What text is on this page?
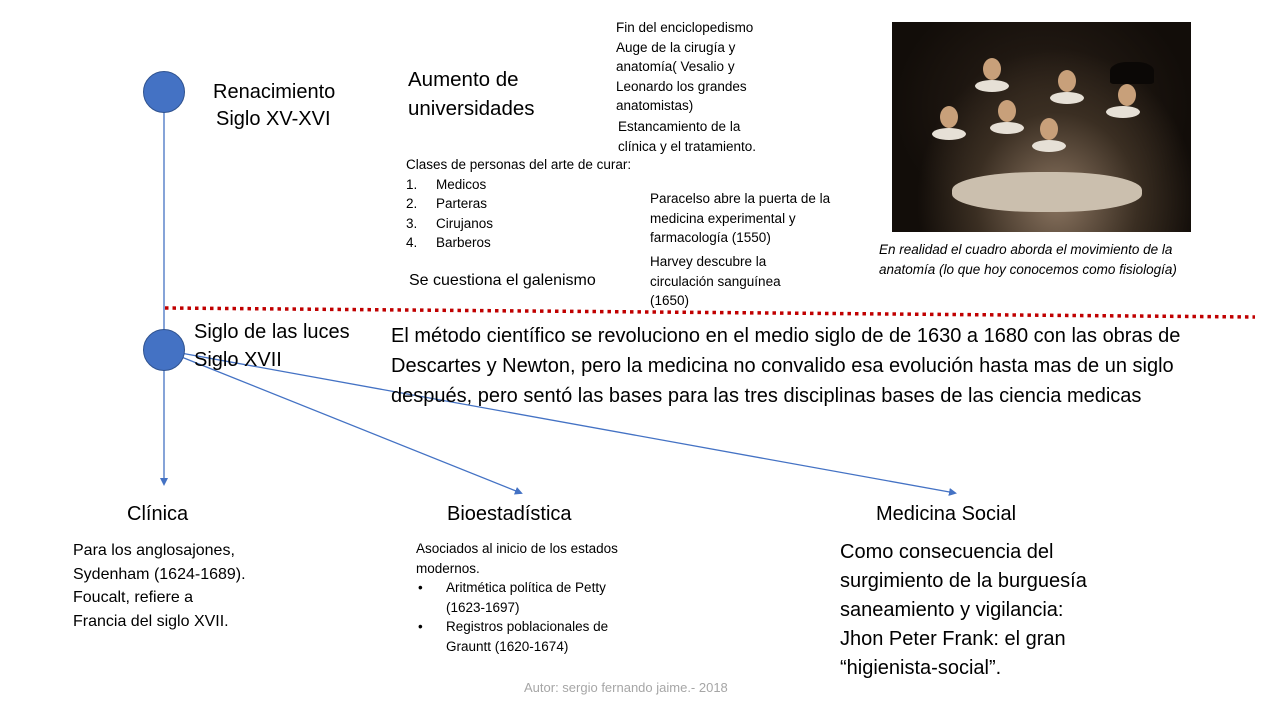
Renacimiento
Siglo XV-XVI
Aumento de
universidades
Fin del enciclopedismo
Auge de la cirugía y
anatomía( Vesalio y
Leonardo los grandes
anatomistas)
Estancamiento de la
clínica y el tratamiento.
Clases de personas del arte de curar:
1. Medicos
2. Parteras
3. Cirujanos
4. Barberos
Se cuestiona el galenismo
Paracelso abre la puerta de la
medicina experimental y
farmacología (1550)
Harvey descubre la
circulación sanguínea
(1650)
En realidad el cuadro aborda el movimiento de la
anatomía (lo que hoy conocemos como fisiología)
Siglo de las luces
Siglo XVII
El método científico se revoluciono en el medio siglo de de 1630 a 1680 con las obras de
Descartes y Newton, pero la medicina no convalido esa evolución hasta mas de un siglo
después, pero sentó las bases para las tres disciplinas bases de las ciencia medicas
Clínica
Para los anglosajones,
Sydenham (1624-1689).
Foucalt, refiere a
Francia del siglo XVII.
Bioestadística
Asociados al inicio de los estados
modernos.
• Aritmética política de Petty
(1623-1697)
• Registros poblacionales de
Grauntt (1620-1674)
Medicina Social
Como consecuencia del
surgimiento de la burguesía
saneamiento y vigilancia:
Jhon Peter Frank: el gran
“higienista-social”.
Autor: sergio fernando jaime.- 2018
